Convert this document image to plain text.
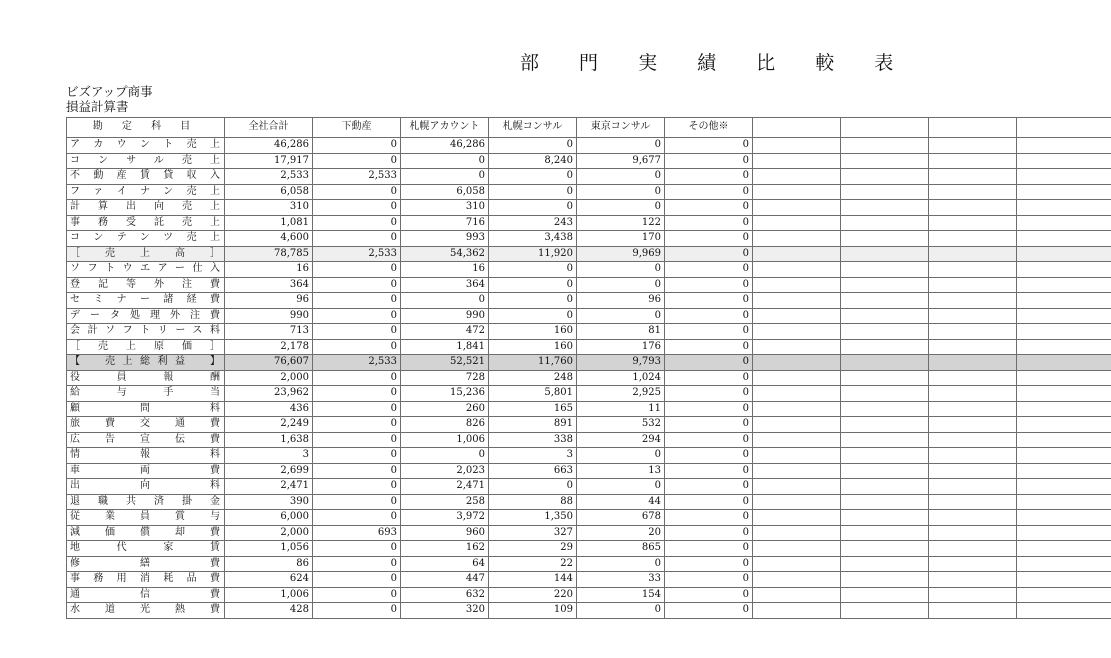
部 門 実 績 比 較 表
ビズアップ商事
損益計算書
勘 定 科 目	全社合計	下動産	札幌アカウント	札幌コンサル	東京コンサル	その他※				
アカウント売上	46,286	0	46,286	0	0	0				
コンサル売上	17,917	0	0	8,240	9,677	0				
不動産賃貸収入	2,533	2,533	0	0	0	0				
ファイナン売上	6,058	0	6,058	0	0	0				
計算出向売上	310	0	310	0	0	0				
事務受託売上	1,081	0	716	243	122	0				
コンテンツ売上	4,600	0	993	3,438	170	0				
［　売　上　高　］	78,785	2,533	54,362	11,920	9,969	0				
ソフトウエアー仕入	16	0	16	0	0	0				
登記等外注費	364	0	364	0	0	0				
セミナー諸経費	96	0	0	0	96	0				
データ処理外注費	990	0	990	0	0	0				
会計ソフトリース料	713	0	472	160	81	0				
［　売　上　原　価　］	2,178	0	1,841	160	176	0				
【　売上総利益　】	76,607	2,533	52,521	11,760	9,793	0				
役員報酬	2,000	0	728	248	1,024	0				
給与手当	23,962	0	15,236	5,801	2,925	0				
顧問料	436	0	260	165	11	0				
旅費交通費	2,249	0	826	891	532	0				
広告宣伝費	1,638	0	1,006	338	294	0				
情報料	3	0	0	3	0	0				
車両費	2,699	0	2,023	663	13	0				
出向料	2,471	0	2,471	0	0	0				
退職共済掛金	390	0	258	88	44	0				
従業員賞与	6,000	0	3,972	1,350	678	0				
減価償却費	2,000	693	960	327	20	0				
地代家賃	1,056	0	162	29	865	0				
修繕費	86	0	64	22	0	0				
事務用消耗品費	624	0	447	144	33	0				
通信費	1,006	0	632	220	154	0				
水道光熱費	428	0	320	109	0	0				
